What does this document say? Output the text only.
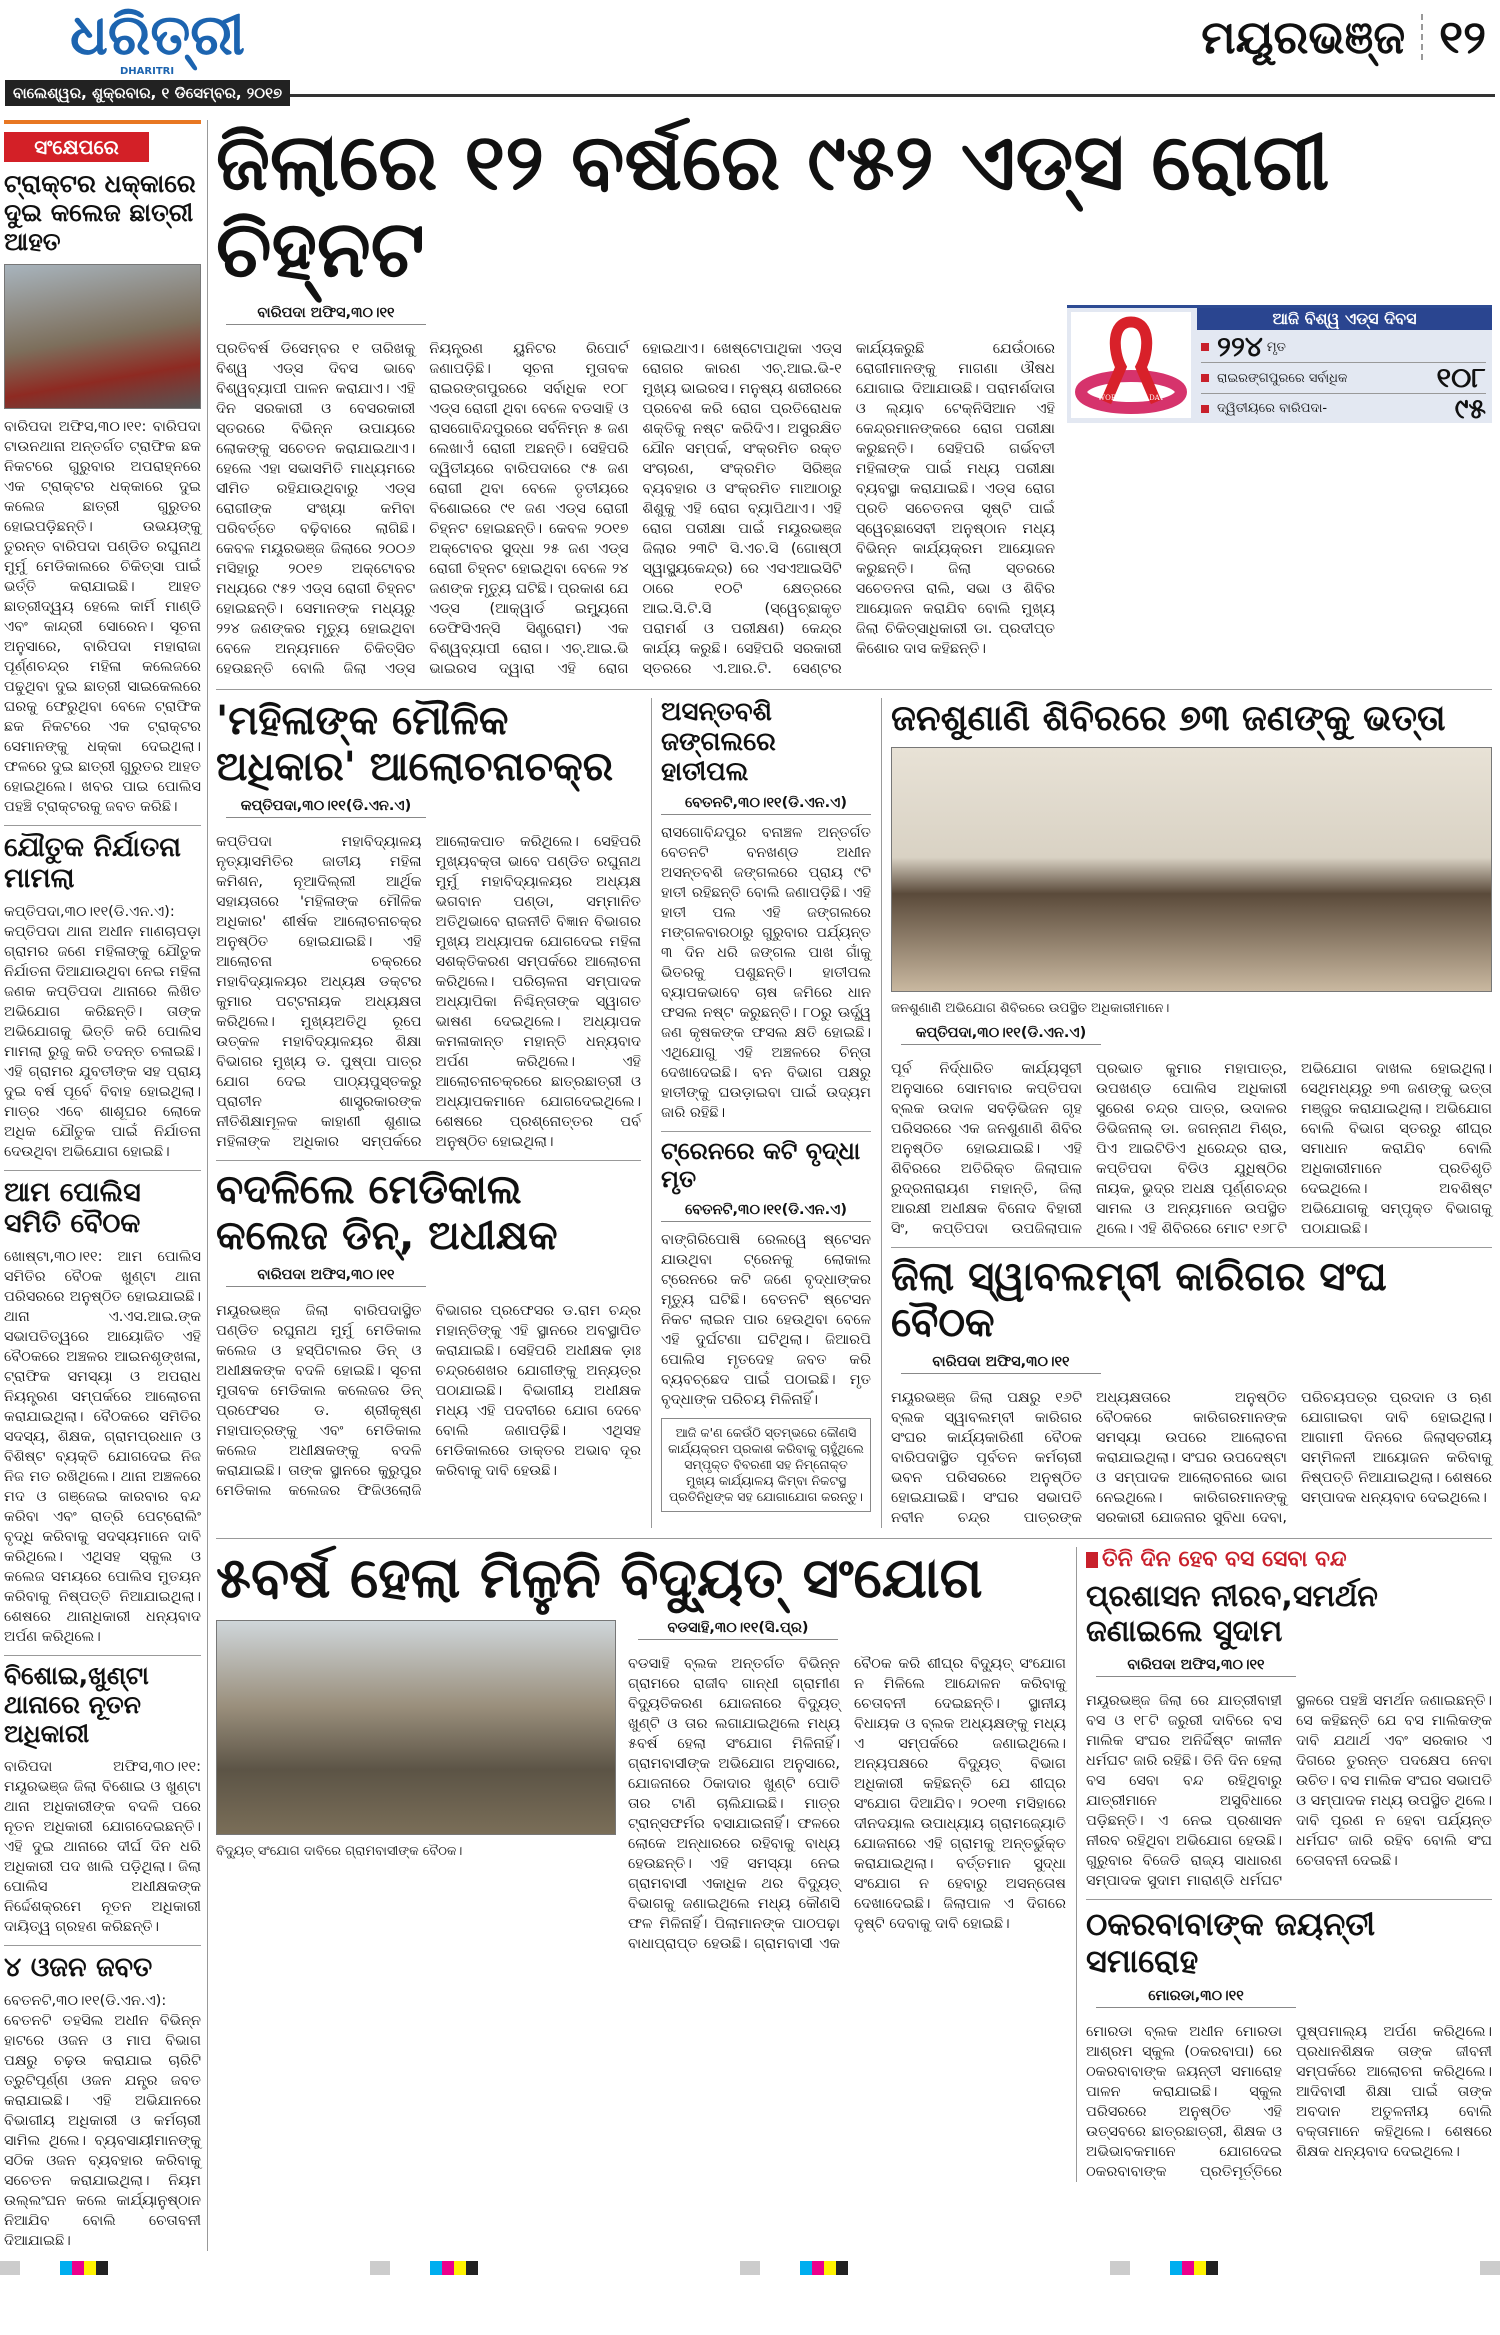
ଧରିତ୍ରୀ
DHARITRI
ବାଲେଶ୍ୱର, ଶୁକ୍ରବାର, ୧ ଡିସେମ୍ବର, ୨୦୧୭
ମୟୂରଭଞ୍ଜ ୧୨
ସଂକ୍ଷେପରେ
ଟ୍ରାକ୍ଟର ଧକ୍କାରେ ଦୁଇ କଲେଜ ଛାତ୍ରୀ ଆହତ
ବାରିପଦା ଅଫିସ,୩୦।୧୧: ବାରିପଦା ଟାଉନଥାନା ଅନ୍ତର୍ଗତ ଟ୍ରାଫିକ ଛକ ନିକଟରେ ଗୁରୁବାର ଅପରାହ୍ନରେ ଏକ ଟ୍ରାକ୍ଟର ଧକ୍କାରେ ଦୁଇ କଲେଜ ଛାତ୍ରୀ ଗୁରୁତର ହୋଇପଡ଼ିଛନ୍ତି। ଉଭୟଙ୍କୁ ତୁରନ୍ତ ବାରିପଦା ପଣ୍ଡିତ ରଘୁନାଥ ମୁର୍ମୁ ମେଡିକାଲରେ ଚିକିତ୍ସା ପାଇଁ ଭର୍ତ୍ତି କରାଯାଇଛି। ଆହତ ଛାତ୍ରୀଦ୍ୱୟ ହେଲେ କାର୍ମି ମାଣ୍ଡି ଏବଂ କାନ୍ଦ୍ରୀ ସୋରେନ। ସୂଚନା ଅନୁସାରେ, ବାରିପଦା ମହାରାଜା ପୂର୍ଣ୍ଣଚନ୍ଦ୍ର ମହିଳା କଲେଜରେ ପଢୁଥିବା ଦୁଇ ଛାତ୍ରୀ ସାଇକେଲରେ ଘରକୁ ଫେରୁଥିବା ବେଳେ ଟ୍ରାଫିକ ଛକ ନିକଟରେ ଏକ ଟ୍ରାକ୍ଟର ସେମାନଙ୍କୁ ଧକ୍କା ଦେଇଥିଲା। ଫଳରେ ଦୁଇ ଛାତ୍ରୀ ଗୁରୁତର ଆହତ ହୋଇଥିଲେ। ଖବର ପାଇ ପୋଲିସ ପହଞ୍ଚି ଟ୍ରାକ୍ଟରକୁ ଜବତ କରିଛି।
ଯୌତୁକ ନିର୍ଯାତନା ମାମଲା
କପ୍ତିପଦା,୩୦।୧୧(ଡି.ଏନ.ଏ): କପ୍ତିପଦା ଥାନା ଅଧୀନ ମାଣଚାପଡ଼ା ଗ୍ରାମର ଜଣେ ମହିଳାଙ୍କୁ ଯୌତୁକ ନିର୍ଯାତନା ଦିଆଯାଉଥିବା ନେଇ ମହିଳା ଜଣକ କପ୍ତିପଦା ଥାନାରେ ଲିଖିତ ଅଭିଯୋଗ କରିଛନ୍ତି। ତାଙ୍କ ଅଭିଯୋଗକୁ ଭିତ୍ତି କରି ପୋଲିସ ମାମଲା ରୁଜୁ କରି ତଦନ୍ତ ଚଳାଇଛି। ଏହି ଗ୍ରାମର ଯୁବତୀଙ୍କ ସହ ପ୍ରାୟ ଦୁଇ ବର୍ଷ ପୂର୍ବେ ବିବାହ ହୋଇଥିଲା। ମାତ୍ର ଏବେ ଶାଶୂଘର ଲୋକେ ଅଧିକ ଯୌତୁକ ପାଇଁ ନିର୍ଯାତନା ଦେଉଥିବା ଅଭିଯୋଗ ହୋଇଛି।
ଆମ ପୋଲିସ ସମିତି ବୈଠକ
ଖୋଷ୍ଟା,୩୦।୧୧: ଆମ ପୋଲିସ ସମିତିର ବୈଠକ ଖୁଣ୍ଟା ଥାନା ପରିସରରେ ଅନୁଷ୍ଠିତ ହୋଇଯାଇଛି। ଥାନା ଏ.ଏସ.ଆଇ.ଙ୍କ ସଭାପତିତ୍ୱରେ ଆୟୋଜିତ ଏହି ବୈଠକରେ ଅଞ୍ଚଳର ଆଇନଶୃଙ୍ଖଳା, ଟ୍ରାଫିକ ସମସ୍ୟା ଓ ଅପରାଧ ନିୟନ୍ତ୍ରଣ ସମ୍ପର୍କରେ ଆଲୋଚନା କରାଯାଇଥିଲା। ବୈଠକରେ ସମିତିର ସଦସ୍ୟ, ଶିକ୍ଷକ, ଗ୍ରାମପ୍ରଧାନ ଓ ବିଶିଷ୍ଟ ବ୍ୟକ୍ତି ଯୋଗଦେଇ ନିଜ ନିଜ ମତ ରଖିଥିଲେ। ଥାନା ଅଞ୍ଚଳରେ ମଦ ଓ ଗଞ୍ଜେଇ କାରବାର ବନ୍ଦ କରିବା ଏବଂ ରାତ୍ରି ପେଟ୍ରୋଲିଂ ବୃଦ୍ଧି କରିବାକୁ ସଦସ୍ୟମାନେ ଦାବି କରିଥିଲେ। ଏଥିସହ ସ୍କୁଲ ଓ କଲେଜ ସମୟରେ ପୋଲିସ ମୁତୟନ କରିବାକୁ ନିଷ୍ପତ୍ତି ନିଆଯାଇଥିଲା। ଶେଷରେ ଥାନାଧିକାରୀ ଧନ୍ୟବାଦ ଅର୍ପଣ କରିଥିଲେ।
ବିଶୋଇ,ଖୁଣ୍ଟା ଥାନାରେ ନୂତନ ଅଧିକାରୀ
ବାରିପଦା ଅଫିସ,୩୦।୧୧: ମୟୂରଭଞ୍ଜ ଜିଲା ବିଶୋଇ ଓ ଖୁଣ୍ଟା ଥାନା ଅଧିକାରୀଙ୍କ ବଦଳି ପରେ ନୂତନ ଅଧିକାରୀ ଯୋଗଦେଇଛନ୍ତି। ଏହି ଦୁଇ ଥାନାରେ ଦୀର୍ଘ ଦିନ ଧରି ଅଧିକାରୀ ପଦ ଖାଲି ପଡ଼ିଥିଲା। ଜିଲା ପୋଲିସ ଅଧୀକ୍ଷକଙ୍କ ନିର୍ଦ୍ଦେଶକ୍ରମେ ନୂତନ ଅଧିକାରୀ ଦାୟିତ୍ୱ ଗ୍ରହଣ କରିଛନ୍ତି।
୪ ଓଜନ ଜବତ
ବେତନଟି,୩୦।୧୧(ଡି.ଏନ.ଏ): ବେତନଟି ତହସିଲ ଅଧୀନ ବିଭିନ୍ନ ହାଟରେ ଓଜନ ଓ ମାପ ବିଭାଗ ପକ୍ଷରୁ ଚଢ଼ଉ କରାଯାଇ ଚାରିଟି ତ୍ରୁଟିପୂର୍ଣ୍ଣ ଓଜନ ଯନ୍ତ୍ର ଜବତ କରାଯାଇଛି। ଏହି ଅଭିଯାନରେ ବିଭାଗୀୟ ଅଧିକାରୀ ଓ କର୍ମଚାରୀ ସାମିଲ ଥିଲେ। ବ୍ୟବସାୟୀମାନଙ୍କୁ ସଠିକ ଓଜନ ବ୍ୟବହାର କରିବାକୁ ସଚେତନ କରାଯାଇଥିଲା। ନିୟମ ଉଲ୍ଲଂଘନ କଲେ କାର୍ଯ୍ୟାନୁଷ୍ଠାନ ନିଆଯିବ ବୋଲି ଚେତାବନୀ ଦିଆଯାଇଛି।
ଜିଲାରେ ୧୨ ବର୍ଷରେ ୯୫୨ ଏଡ୍ସ ରୋଗୀ ଚିହ୍ନଟ
ବାରିପଦା ଅଫିସ,୩୦।୧୧
ପ୍ରତିବର୍ଷ ଡିସେମ୍ବର ୧ ତାରିଖକୁ ବିଶ୍ୱ ଏଡ୍ସ ଦିବସ ଭାବେ ବିଶ୍ୱବ୍ୟାପୀ ପାଳନ କରାଯାଏ। ଏହି ଦିନ ସରକାରୀ ଓ ବେସରକାରୀ ସ୍ତରରେ ବିଭିନ୍ନ ଉପାୟରେ ଲୋକଙ୍କୁ ସଚେତନ କରାଯାଇଥାଏ। ହେଲେ ଏହା ସଭାସମିତି ମାଧ୍ୟମରେ ସୀମିତ ରହିଯାଉଥିବାରୁ ଏଡ୍ସ ରୋଗୀଙ୍କ ସଂଖ୍ୟା କମିବା ପରିବର୍ତ୍ତେ ବଢ଼ିବାରେ ଲାଗିଛି। କେବଳ ମୟୂରଭଞ୍ଜ ଜିଲାରେ ୨୦୦୬ ମସିହାରୁ ୨୦୧୭ ଅକ୍ଟୋବର ମଧ୍ୟରେ ୯୫୨ ଏଡ୍ସ ରୋଗୀ ଚିହ୍ନଟ ହୋଇଛନ୍ତି। ସେମାନଙ୍କ ମଧ୍ୟରୁ ୨୨୪ ଜଣଙ୍କର ମୃତ୍ୟୁ ହୋଇଥିବା ବେଳେ ଅନ୍ୟମାନେ ଚିକିତ୍ସିତ ହେଉଛନ୍ତି ବୋଲି ଜିଲା ଏଡ୍ସ ନିୟନ୍ତ୍ରଣ ୟୁନିଟର ରିପୋର୍ଟ ଜଣାପଡ଼ିଛି। ସୂଚନା ମୁତାବକ ରାଇରଙ୍ଗପୁରରେ ସର୍ବାଧିକ ୧୦୮ ଏଡ୍ସ ରୋଗୀ ଥିବା ବେଳେ ବଡସାହି ଓ ରାସଗୋବିନ୍ଦପୁରରେ ସର୍ବନିମ୍ନ ୫ ଜଣ ଲେଖାଏଁ ରୋଗୀ ଅଛନ୍ତି। ସେହିପରି ଦ୍ୱିତୀୟରେ ବାରିପଦାରେ ୯୫ ଜଣ ରୋଗୀ ଥିବା ବେଳେ ତୃତୀୟରେ ବିଶୋଇରେ ୯୧ ଜଣ ଏଡ୍ସ ରୋଗୀ ଚିହ୍ନଟ ହୋଇଛନ୍ତି। କେବଳ ୨୦୧୭ ଅକ୍ଟୋବର ସୁଦ୍ଧା ୨୫ ଜଣ ଏଡ୍ସ ରୋଗୀ ଚିହ୍ନଟ ହୋଇଥିବା ବେଳେ ୨୪ ଜଣଙ୍କ ମୃତ୍ୟୁ ଘଟିଛି। ପ୍ରକାଶ ଯେ ଏଡ୍ସ (ଆକ୍ୱାର୍ଡ ଇମ୍ୟୁନୋ ଡେଫିସିଏନ୍ସି ସିଣ୍ଡ୍ରୋମ) ଏକ ବିଶ୍ୱବ୍ୟାପୀ ରୋଗ। ଏଚ୍.ଆଇ.ଭି ଭାଇରସ ଦ୍ୱାରା ଏହି ରୋଗ ହୋଇଥାଏ। ଖେଷ୍ଟୋପାଥିକା ଏଡ୍ସ ରୋଗର କାରଣ ଏଚ୍.ଆଇ.ଭି-୧ ମୁଖ୍ୟ ଭାଇରସ। ମନୁଷ୍ୟ ଶରୀରରେ ପ୍ରବେଶ କରି ରୋଗ ପ୍ରତିରୋଧକ ଶକ୍ତିକୁ ନଷ୍ଟ କରିଦିଏ। ଅସୁରକ୍ଷିତ ଯୌନ ସମ୍ପର୍କ, ସଂକ୍ରମିତ ରକ୍ତ ସଂଚାରଣ, ସଂକ୍ରମିତ ସିରିଞ୍ଜ ବ୍ୟବହାର ଓ ସଂକ୍ରମିତ ମାଆଠାରୁ ଶିଶୁକୁ ଏହି ରୋଗ ବ୍ୟାପିଥାଏ। ଏହି ରୋଗ ପରୀକ୍ଷା ପାଇଁ ମୟୂରଭଞ୍ଜ ଜିଲାର ୨୩ଟି ସି.ଏଚ.ସି (ଗୋଷ୍ଠୀ ସ୍ୱାସ୍ଥ୍ୟକେନ୍ଦ୍ର) ରେ ଏସଏଆଇସିଟି ଠାରେ ୧୦ଟି କ୍ଷେତ୍ରରେ ଆଇ.ସି.ଟି.ସି (ସ୍ୱେଚ୍ଛାକୃତ ପରାମର୍ଶ ଓ ପରୀକ୍ଷଣ) କେନ୍ଦ୍ର କାର୍ଯ୍ୟ କରୁଛି। ସେହିପରି ସରକାରୀ ସ୍ତରରେ ଏ.ଆର.ଟି. ସେଣ୍ଟର କାର୍ଯ୍ୟକରୁଛି ଯେଉଁଠାରେ ରୋଗୀମାନଙ୍କୁ ମାଗଣା ଔଷଧ ଯୋଗାଇ ଦିଆଯାଉଛି। ପରାମର୍ଶଦାତା ଓ ଲ୍ୟାବ ଟେକ୍ନିସିଆନ ଏହି କେନ୍ଦ୍ରମାନଙ୍କରେ ରୋଗ ପରୀକ୍ଷା କରୁଛନ୍ତି। ସେହିପରି ଗର୍ଭବତୀ ମହିଳାଙ୍କ ପାଇଁ ମଧ୍ୟ ପରୀକ୍ଷା ବ୍ୟବସ୍ଥା କରାଯାଇଛି। ଏଡ୍ସ ରୋଗ ପ୍ରତି ସଚେତନତା ସୃଷ୍ଟି ପାଇଁ ସ୍ୱେଚ୍ଛାସେବୀ ଅନୁଷ୍ଠାନ ମଧ୍ୟ ବିଭିନ୍ନ କାର୍ଯ୍ୟକ୍ରମ ଆୟୋଜନ କରୁଛନ୍ତି। ଜିଲା ସ୍ତରରେ ସଚେତନତା ରାଲି, ସଭା ଓ ଶିବିର ଆୟୋଜନ କରାଯିବ ବୋଲି ମୁଖ୍ୟ ଜିଲା ଚିକିତ୍ସାଧିକାରୀ ଡା. ପ୍ରଦୀପ୍ତ କିଶୋର ଦାସ କହିଛନ୍ତି।
WORLD AIDS DAY
ଆଜି ବିଶ୍ୱ ଏଡ୍ସ ଦିବସ
୨୨୪ ମୃତ
ରାଇରଙ୍ଗପୁରରେ ସର୍ବାଧିକ	୧୦୮
ଦ୍ୱିତୀୟରେ ବାରିପଦା-	୯୫
'ମହିଳାଙ୍କ ମୌଳିକ ଅଧିକାର' ଆଲୋଚନାଚକ୍ର
କପ୍ତିପଦା,୩୦।୧୧(ଡି.ଏନ.ଏ)
କପ୍ତିପଦା ମହାବିଦ୍ୟାଳୟ ନୃତ୍ୟାସମିତିର ଜାତୀୟ ମହିଳା କମିଶନ, ନୂଆଦିଲ୍ଲୀ ଆର୍ଥିକ ସହାୟତାରେ 'ମହିଳାଙ୍କ ମୌଳିକ ଅଧିକାର' ଶୀର୍ଷକ ଆଲୋଚନାଚକ୍ର ଅନୁଷ୍ଠିତ ହୋଇଯାଇଛି। ଏହି ଆଲୋଚନା ଚକ୍ରରେ ମହାବିଦ୍ୟାଳୟର ଅଧ୍ୟକ୍ଷ ଡକ୍ଟର କୁମାର ପଟ୍ଟନାୟକ ଅଧ୍ୟକ୍ଷତା କରିଥିଲେ। ମୁଖ୍ୟଅତିଥି ରୂପେ ଉତ୍କଳ ମହାବିଦ୍ୟାଳୟର ଶିକ୍ଷା ବିଭାଗର ମୁଖ୍ୟ ଡ. ପୁଷ୍ପା ପାତ୍ର ଯୋଗ ଦେଇ ପାଠ୍ୟପୁସ୍ତକରୁ ପ୍ରାଚୀନ ଶାସ୍ତ୍ରକାରଙ୍କ ନୀତିଶିକ୍ଷାମୂଳକ କାହାଣୀ ଶୁଣାଇ ମହିଳାଙ୍କ ଅଧିକାର ସମ୍ପର୍କରେ ଆଲୋକପାତ କରିଥିଲେ। ସେହିପରି ମୁଖ୍ୟବକ୍ତା ଭାବେ ପଣ୍ଡିତ ରଘୁନାଥ ମୁର୍ମୁ ମହାବିଦ୍ୟାଳୟର ଅଧ୍ୟକ୍ଷ ଭଗବାନ ପଣ୍ଡା, ସମ୍ମାନିତ ଅତିଥିଭାବେ ରାଜନୀତି ବିଜ୍ଞାନ ବିଭାଗର ମୁଖ୍ୟ ଅଧ୍ୟାପକ ଯୋଗଦେଇ ମହିଳା ସଶକ୍ତିକରଣ ସମ୍ପର୍କରେ ଆଲୋଚନା କରିଥିଲେ। ପରିଚାଳନା ସମ୍ପାଦକ ଅଧ୍ୟାପିକା ନିଶ୍ଚିନ୍ତାଙ୍କ ସ୍ୱାଗତ ଭାଷଣ ଦେଇଥିଲେ। ଅଧ୍ୟାପକ କମଳାକାନ୍ତ ମହାନ୍ତି ଧନ୍ୟବାଦ ଅର୍ପଣ କରିଥିଲେ। ଏହି ଆଲୋଚନାଚକ୍ରରେ ଛାତ୍ରଛାତ୍ରୀ ଓ ଅଧ୍ୟାପକମାନେ ଯୋଗଦେଇଥିଲେ। ଶେଷରେ ପ୍ରଶ୍ନୋତ୍ତର ପର୍ବ ଅନୁଷ୍ଠିତ ହୋଇଥିଲା।
ବଦଳିଲେ ମେଡିକାଲ କଲେଜ ଡିନ୍, ଅଧୀକ୍ଷକ
ବାରିପଦା ଅଫିସ,୩୦।୧୧
ମୟୂରଭଞ୍ଜ ଜିଲା ବାରିପଦାସ୍ଥିତ ପଣ୍ଡିତ ରଘୁନାଥ ମୁର୍ମୁ ମେଡିକାଲ କଲେଜ ଓ ହସ୍ପିଟାଲର ଡିନ୍ ଓ ଅଧୀକ୍ଷକଙ୍କ ବଦଳି ହୋଇଛି। ସୂଚନା ମୁତାବକ ମେଡିକାଲ କଲେଜର ଡିନ୍ ପ୍ରଫେସର ଡ. ଶ୍ରୀକୃଷ୍ଣ ମହାପାତ୍ରଙ୍କୁ ଏବଂ ମେଡିକାଲ କଲେଜ ଅଧୀକ୍ଷକଙ୍କୁ ବଦଳି କରାଯାଇଛି। ତାଙ୍କ ସ୍ଥାନରେ କୁରୁପୁର ମେଡିକାଲ କଲେଜର ଫିଜିଓଲୋଜି ବିଭାଗର ପ୍ରଫେସର ଡ.ରାମ ଚନ୍ଦ୍ର ମହାନ୍ତିଙ୍କୁ ଏହି ସ୍ଥାନରେ ଅବସ୍ଥାପିତ କରାଯାଇଛି। ସେହିପରି ଅଧୀକ୍ଷକ ଡ଼ାଃ ଚନ୍ଦ୍ରଶେଖର ଯୋଗୀଙ୍କୁ ଅନ୍ୟତ୍ର ପଠାଯାଇଛି। ବିଭାଗୀୟ ଅଧୀକ୍ଷକ ମଧ୍ୟ ଏହି ପଦବୀରେ ଯୋଗ ଦେବେ ବୋଲି ଜଣାପଡ଼ିଛି। ଏଥିସହ ମେଡିକାଲରେ ଡାକ୍ତର ଅଭାବ ଦୂର କରିବାକୁ ଦାବି ହେଉଛି।
ଅସନ୍ତବଶି ଜଙ୍ଗଲରେ ହାତୀପଲ
ବେତନଟି,୩୦।୧୧(ଡି.ଏନ.ଏ)
ରାସଗୋବିନ୍ଦପୁର ବନାଞ୍ଚଳ ଅନ୍ତର୍ଗତ ବେତନଟି ବନଖଣ୍ଡ ଅଧୀନ ଅସନ୍ତବଶି ଜଙ୍ଗଲରେ ପ୍ରାୟ ୯ଟି ହାତୀ ରହିଛନ୍ତି ବୋଲି ଜଣାପଡ଼ିଛି। ଏହି ହାତୀ ପଲ ଏହି ଜଙ୍ଗଲରେ ମଙ୍ଗଳବାରଠାରୁ ଗୁରୁବାର ପର୍ଯ୍ୟନ୍ତ ୩ ଦିନ ଧରି ଜଙ୍ଗଲ ପାଖ ଗାଁକୁ ଭିତରକୁ ପଶୁଛନ୍ତି। ହାତୀପଲ ବ୍ୟାପକଭାବେ ଚାଷ ଜମିରେ ଧାନ ଫସଲ ନଷ୍ଟ କରୁଛନ୍ତି। ୮୦ରୁ ଊର୍ଦ୍ଧ୍ୱ ଜଣ କୃଷକଙ୍କ ଫସଲ କ୍ଷତି ହୋଇଛି। ଏଥିଯୋଗୁ ଏହି ଅଞ୍ଚଳରେ ଚିନ୍ତା ଦେଖାଦେଇଛି। ବନ ବିଭାଗ ପକ୍ଷରୁ ହାତୀଙ୍କୁ ଘଉଡ଼ାଇବା ପାଇଁ ଉଦ୍ୟମ ଜାରି ରହିଛି।
ଟ୍ରେନରେ କଟି ବୃଦ୍ଧା ମୃତ
ବେତନଟି,୩୦।୧୧(ଡି.ଏନ.ଏ)
ବାଙ୍ଗିରିପୋଷି ରେଲୱେ ଷ୍ଟେସନ ଯାଉଥିବା ଟ୍ରେନକୁ ଲୋକାଲ ଟ୍ରେନରେ କଟି ଜଣେ ବୃଦ୍ଧାଙ୍କର ମୃତ୍ୟୁ ଘଟିଛି। ବେତନଟି ଷ୍ଟେସନ ନିକଟ ଲାଇନ ପାର ହେଉଥିବା ବେଳେ ଏହି ଦୁର୍ଘଟଣା ଘଟିଥିଲା। ଜିଆରପି ପୋଲିସ ମୃତଦେହ ଜବତ କରି ବ୍ୟବଚ୍ଛେଦ ପାଇଁ ପଠାଇଛି। ମୃତ ବୃଦ୍ଧାଙ୍କ ପରିଚୟ ମିଳିନାହିଁ।
ଆଜି କ'ଣ କେଉଁଠି ସ୍ତମ୍ଭରେ କୌଣସି କାର୍ଯ୍ୟକ୍ରମ ପ୍ରକାଶ କରିବାକୁ ଚାହୁଁଥିଲେ ସମ୍ପୃକ୍ତ ବିବରଣୀ ସହ ନିମ୍ନୋକ୍ତ ମୁଖ୍ୟ କାର୍ଯ୍ୟାଳୟ କିମ୍ବା ନିକଟସ୍ଥ ପ୍ରତିନିଧିଙ୍କ ସହ ଯୋଗାଯୋଗ କରନ୍ତୁ।
ଜନଶୁଣାଣି ଶିବିରରେ ୭୩ ଜଣଙ୍କୁ ଭତ୍ତା
ଜନଶୁଣାଣି ଅଭିଯୋଗ ଶିବିରରେ ଉପସ୍ଥିତ ଅଧିକାରୀମାନେ।
କପ୍ତିପଦା,୩୦।୧୧(ଡି.ଏନ.ଏ)
ପୂର୍ବ ନିର୍ଦ୍ଧାରିତ କାର୍ଯ୍ୟସୂଚୀ ଅନୁସାରେ ସୋମବାର କପ୍ତିପଦା ବ୍ଲକ ଉଦାଳ ସବଡ଼ିଭିଜନ ଗୃହ ପରିସରରେ ଏକ ଜନଶୁଣାଣି ଶିବିର ଅନୁଷ୍ଠିତ ହୋଇଯାଇଛି। ଏହି ଶିବିରରେ ଅତିରିକ୍ତ ଜିଲାପାଳ ରୁଦ୍ରନାରାୟଣ ମହାନ୍ତି, ଜିଲା ଆରକ୍ଷୀ ଅଧୀକ୍ଷକ ବିନୋଦ ବିହାରୀ ସିଂ, କପ୍ତିପଦା ଉପଜିଲାପାଳ ପ୍ରଭାତ କୁମାର ମହାପାତ୍ର, ଉପଖଣ୍ଡ ପୋଲିସ ଅଧିକାରୀ ସୁରେଶ ଚନ୍ଦ୍ର ପାତ୍ର, ଉଦାଳର ଡିଭିଜନାଲ୍ ଡା. ଜଗନ୍ନାଥ ମିଶ୍ର, ପିଏ ଆଇଟିଡିଏ ଧିରେନ୍ଦ୍ର ରାଉ, କପ୍ତିପଦା ବିଡିଓ ଯୁଧିଷ୍ଠିର ନାୟକ, ଭୁଦ୍ର ଅଧକ୍ଷ ପୂର୍ଣ୍ଣଚନ୍ଦ୍ର ସାମଲ ଓ ଅନ୍ୟମାନେ ଉପସ୍ଥିତ ଥିଲେ। ଏହି ଶିବିରରେ ମୋଟ ୧୬୮ଟି ଅଭିଯୋଗ ଦାଖଲ ହୋଇଥିଲା। ସେଥିମଧ୍ୟରୁ ୭୩ ଜଣଙ୍କୁ ଭତ୍ତା ମଞ୍ଜୁର କରାଯାଇଥିଲା। ଅଭିଯୋଗ ବୋଲି ବିଭାଗ ସ୍ତରରୁ ଶୀଘ୍ର ସମାଧାନ କରାଯିବ ବୋଲି ଅଧିକାରୀମାନେ ପ୍ରତିଶୃତି ଦେଇଥିଲେ। ଅବଶିଷ୍ଟ ଅଭିଯୋଗକୁ ସମ୍ପୃକ୍ତ ବିଭାଗକୁ ପଠାଯାଇଛି।
ଜିଲା ସ୍ୱାବଲମ୍ବୀ କାରିଗର ସଂଘ ବୈଠକ
ବାରିପଦା ଅଫିସ,୩୦।୧୧
ମୟୂରଭଞ୍ଜ ଜିଲା ପକ୍ଷରୁ ୧୬ଟି ବ୍ଲକ ସ୍ୱାବଲମ୍ବୀ କାରିଗର ସଂଘର କାର୍ଯ୍ୟକାରିଣୀ ବୈଠକ ବାରିପଦାସ୍ଥିତ ପୂର୍ବତନ କର୍ମଚାରୀ ଭବନ ପରିସରରେ ଅନୁଷ୍ଠିତ ହୋଇଯାଇଛି। ସଂଘର ସଭାପତି ନବୀନ ଚନ୍ଦ୍ର ପାତ୍ରଙ୍କ ଅଧ୍ୟକ୍ଷତାରେ ଅନୁଷ୍ଠିତ ବୈଠକରେ କାରିଗରମାନଙ୍କ ସମସ୍ୟା ଉପରେ ଆଲୋଚନା କରାଯାଇଥିଲା। ସଂଘର ଉପଦେଷ୍ଟା ଓ ସମ୍ପାଦକ ଆଲୋଚନାରେ ଭାଗ ନେଇଥିଲେ। କାରିଗରମାନଙ୍କୁ ସରକାରୀ ଯୋଜନାର ସୁବିଧା ଦେବା, ପରିଚୟପତ୍ର ପ୍ରଦାନ ଓ ଋଣ ଯୋଗାଇବା ଦାବି ହୋଇଥିଲା। ଆଗାମୀ ଦିନରେ ଜିଲାସ୍ତରୀୟ ସମ୍ମିଳନୀ ଆୟୋଜନ କରିବାକୁ ନିଷ୍ପତ୍ତି ନିଆଯାଇଥିଲା। ଶେଷରେ ସମ୍ପାଦକ ଧନ୍ୟବାଦ ଦେଇଥିଲେ।
୫ବର୍ଷ ହେଲା ମିଳୁନି ବିଦ୍ୟୁତ୍ ସଂଯୋଗ
ବିଦ୍ୟୁତ୍ ସଂଯୋଗ ଦାବିରେ ଗ୍ରାମବାସୀଙ୍କ ବୈଠକ।
ବଡସାହି,୩୦।୧୧(ସି.ପ୍ର)
ବଡସାହି ବ୍ଲକ ଅନ୍ତର୍ଗତ ବିଭିନ୍ନ ଗ୍ରାମରେ ରାଜୀବ ଗାନ୍ଧୀ ଗ୍ରାମୀଣ ବିଦ୍ୟୁତିକରଣ ଯୋଜନାରେ ବିଦ୍ୟୁତ୍ ଖୁଣ୍ଟି ଓ ତାର ଲଗାଯାଇଥିଲେ ମଧ୍ୟ ୫ବର୍ଷ ହେଲା ସଂଯୋଗ ମିଳିନାହିଁ। ଗ୍ରାମବାସୀଙ୍କ ଅଭିଯୋଗ ଅନୁସାରେ, ଯୋଜନାରେ ଠିକାଦାର ଖୁଣ୍ଟି ପୋତି ତାର ଟାଣି ଚାଲିଯାଇଛି। ମାତ୍ର ଟ୍ରାନ୍ସଫର୍ମର ବସାଯାଇନାହିଁ। ଫଳରେ ଲୋକେ ଅନ୍ଧାରରେ ରହିବାକୁ ବାଧ୍ୟ ହେଉଛନ୍ତି। ଏହି ସମସ୍ୟା ନେଇ ଗ୍ରାମବାସୀ ଏକାଧିକ ଥର ବିଦ୍ୟୁତ୍ ବିଭାଗକୁ ଜଣାଇଥିଲେ ମଧ୍ୟ କୌଣସି ଫଳ ମିଳିନାହିଁ। ପିଲାମାନଙ୍କ ପାଠପଢ଼ା ବାଧାପ୍ରାପ୍ତ ହେଉଛି। ଗ୍ରାମବାସୀ ଏକ ବୈଠକ କରି ଶୀଘ୍ର ବିଦ୍ୟୁତ୍ ସଂଯୋଗ ନ ମିଳିଲେ ଆନ୍ଦୋଳନ କରିବାକୁ ଚେତାବନୀ ଦେଇଛନ୍ତି। ସ୍ଥାନୀୟ ବିଧାୟକ ଓ ବ୍ଲକ ଅଧ୍ୟକ୍ଷଙ୍କୁ ମଧ୍ୟ ଏ ସମ୍ପର୍କରେ ଜଣାଇଥିଲେ। ଅନ୍ୟପକ୍ଷରେ ବିଦ୍ୟୁତ୍ ବିଭାଗ ଅଧିକାରୀ କହିଛନ୍ତି ଯେ ଶୀଘ୍ର ସଂଯୋଗ ଦିଆଯିବ। ୨୦୧୩ ମସିହାରେ ଦୀନଦୟାଲ ଉପାଧ୍ୟାୟ ଗ୍ରାମଜ୍ୟୋତି ଯୋଜନାରେ ଏହି ଗ୍ରାମକୁ ଅନ୍ତର୍ଭୁକ୍ତ କରାଯାଇଥିଲା। ବର୍ତ୍ତମାନ ସୁଦ୍ଧା ସଂଯୋଗ ନ ହେବାରୁ ଅସନ୍ତୋଷ ଦେଖାଦେଇଛି। ଜିଲାପାଳ ଏ ଦିଗରେ ଦୃଷ୍ଟି ଦେବାକୁ ଦାବି ହୋଇଛି।
ତିନି ଦିନ ହେବ ବସ ସେବା ବନ୍ଦ
ପ୍ରଶାସନ ନୀରବ,ସମର୍ଥନ ଜଣାଇଲେ ସୁଦାମ
ବାରିପଦା ଅଫିସ,୩୦।୧୧
ମୟୂରଭଞ୍ଜ ଜିଲା ରେ ଯାତ୍ରୀବାହୀ ବସ ଓ ୧୮ଟି ଜରୁରୀ ଦାବିରେ ବସ ମାଲିକ ସଂଘର ଅନିର୍ଦ୍ଦିଷ୍ଟ କାଳୀନ ଧର୍ମଘଟ ଜାରି ରହିଛି। ତିନି ଦିନ ହେଲା ବସ ସେବା ବନ୍ଦ ରହିଥିବାରୁ ଯାତ୍ରୀମାନେ ଅସୁବିଧାରେ ପଡ଼ିଛନ୍ତି। ଏ ନେଇ ପ୍ରଶାସନ ନୀରବ ରହିଥିବା ଅଭିଯୋଗ ହେଉଛି। ଗୁରୁବାର ବିଜେଡି ରାଜ୍ୟ ସାଧାରଣ ସମ୍ପାଦକ ସୁଦାମ ମାରାଣ୍ଡି ଧର୍ମଘଟ ସ୍ଥଳରେ ପହଞ୍ଚି ସମର୍ଥନ ଜଣାଇଛନ୍ତି। ସେ କହିଛନ୍ତି ଯେ ବସ ମାଲିକଙ୍କ ଦାବି ଯଥାର୍ଥ ଏବଂ ସରକାର ଏ ଦିଗରେ ତୁରନ୍ତ ପଦକ୍ଷେପ ନେବା ଉଚିତ। ବସ ମାଲିକ ସଂଘର ସଭାପତି ଓ ସମ୍ପାଦକ ମଧ୍ୟ ଉପସ୍ଥିତ ଥିଲେ। ଦାବି ପୂରଣ ନ ହେବା ପର୍ଯ୍ୟନ୍ତ ଧର୍ମଘଟ ଜାରି ରହିବ ବୋଲି ସଂଘ ଚେତାବନୀ ଦେଇଛି।
ଠକରବାବାଙ୍କ ଜୟନ୍ତୀ ସମାରୋହ
ମୋରଡା,୩୦।୧୧
ମୋରଡା ବ୍ଲକ ଅଧୀନ ମୋରଡା ଆଶ୍ରମ ସ୍କୁଲ (ଠକରବାପା) ରେ ଠକରବାବାଙ୍କ ଜୟନ୍ତୀ ସମାରୋହ ପାଳନ କରାଯାଇଛି। ସ୍କୁଲ ପରିସରରେ ଅନୁଷ୍ଠିତ ଏହି ଉତ୍ସବରେ ଛାତ୍ରଛାତ୍ରୀ, ଶିକ୍ଷକ ଓ ଅଭିଭାବକମାନେ ଯୋଗଦେଇ ଠକରବାବାଙ୍କ ପ୍ରତିମୂର୍ତ୍ତିରେ ପୁଷ୍ପମାଲ୍ୟ ଅର୍ପଣ କରିଥିଲେ। ପ୍ରଧାନଶିକ୍ଷକ ତାଙ୍କ ଜୀବନୀ ସମ୍ପର୍କରେ ଆଲୋଚନା କରିଥିଲେ। ଆଦିବାସୀ ଶିକ୍ଷା ପାଇଁ ତାଙ୍କ ଅବଦାନ ଅତୁଳନୀୟ ବୋଲି ବକ୍ତାମାନେ କହିଥିଲେ। ଶେଷରେ ଶିକ୍ଷକ ଧନ୍ୟବାଦ ଦେଇଥିଲେ।
